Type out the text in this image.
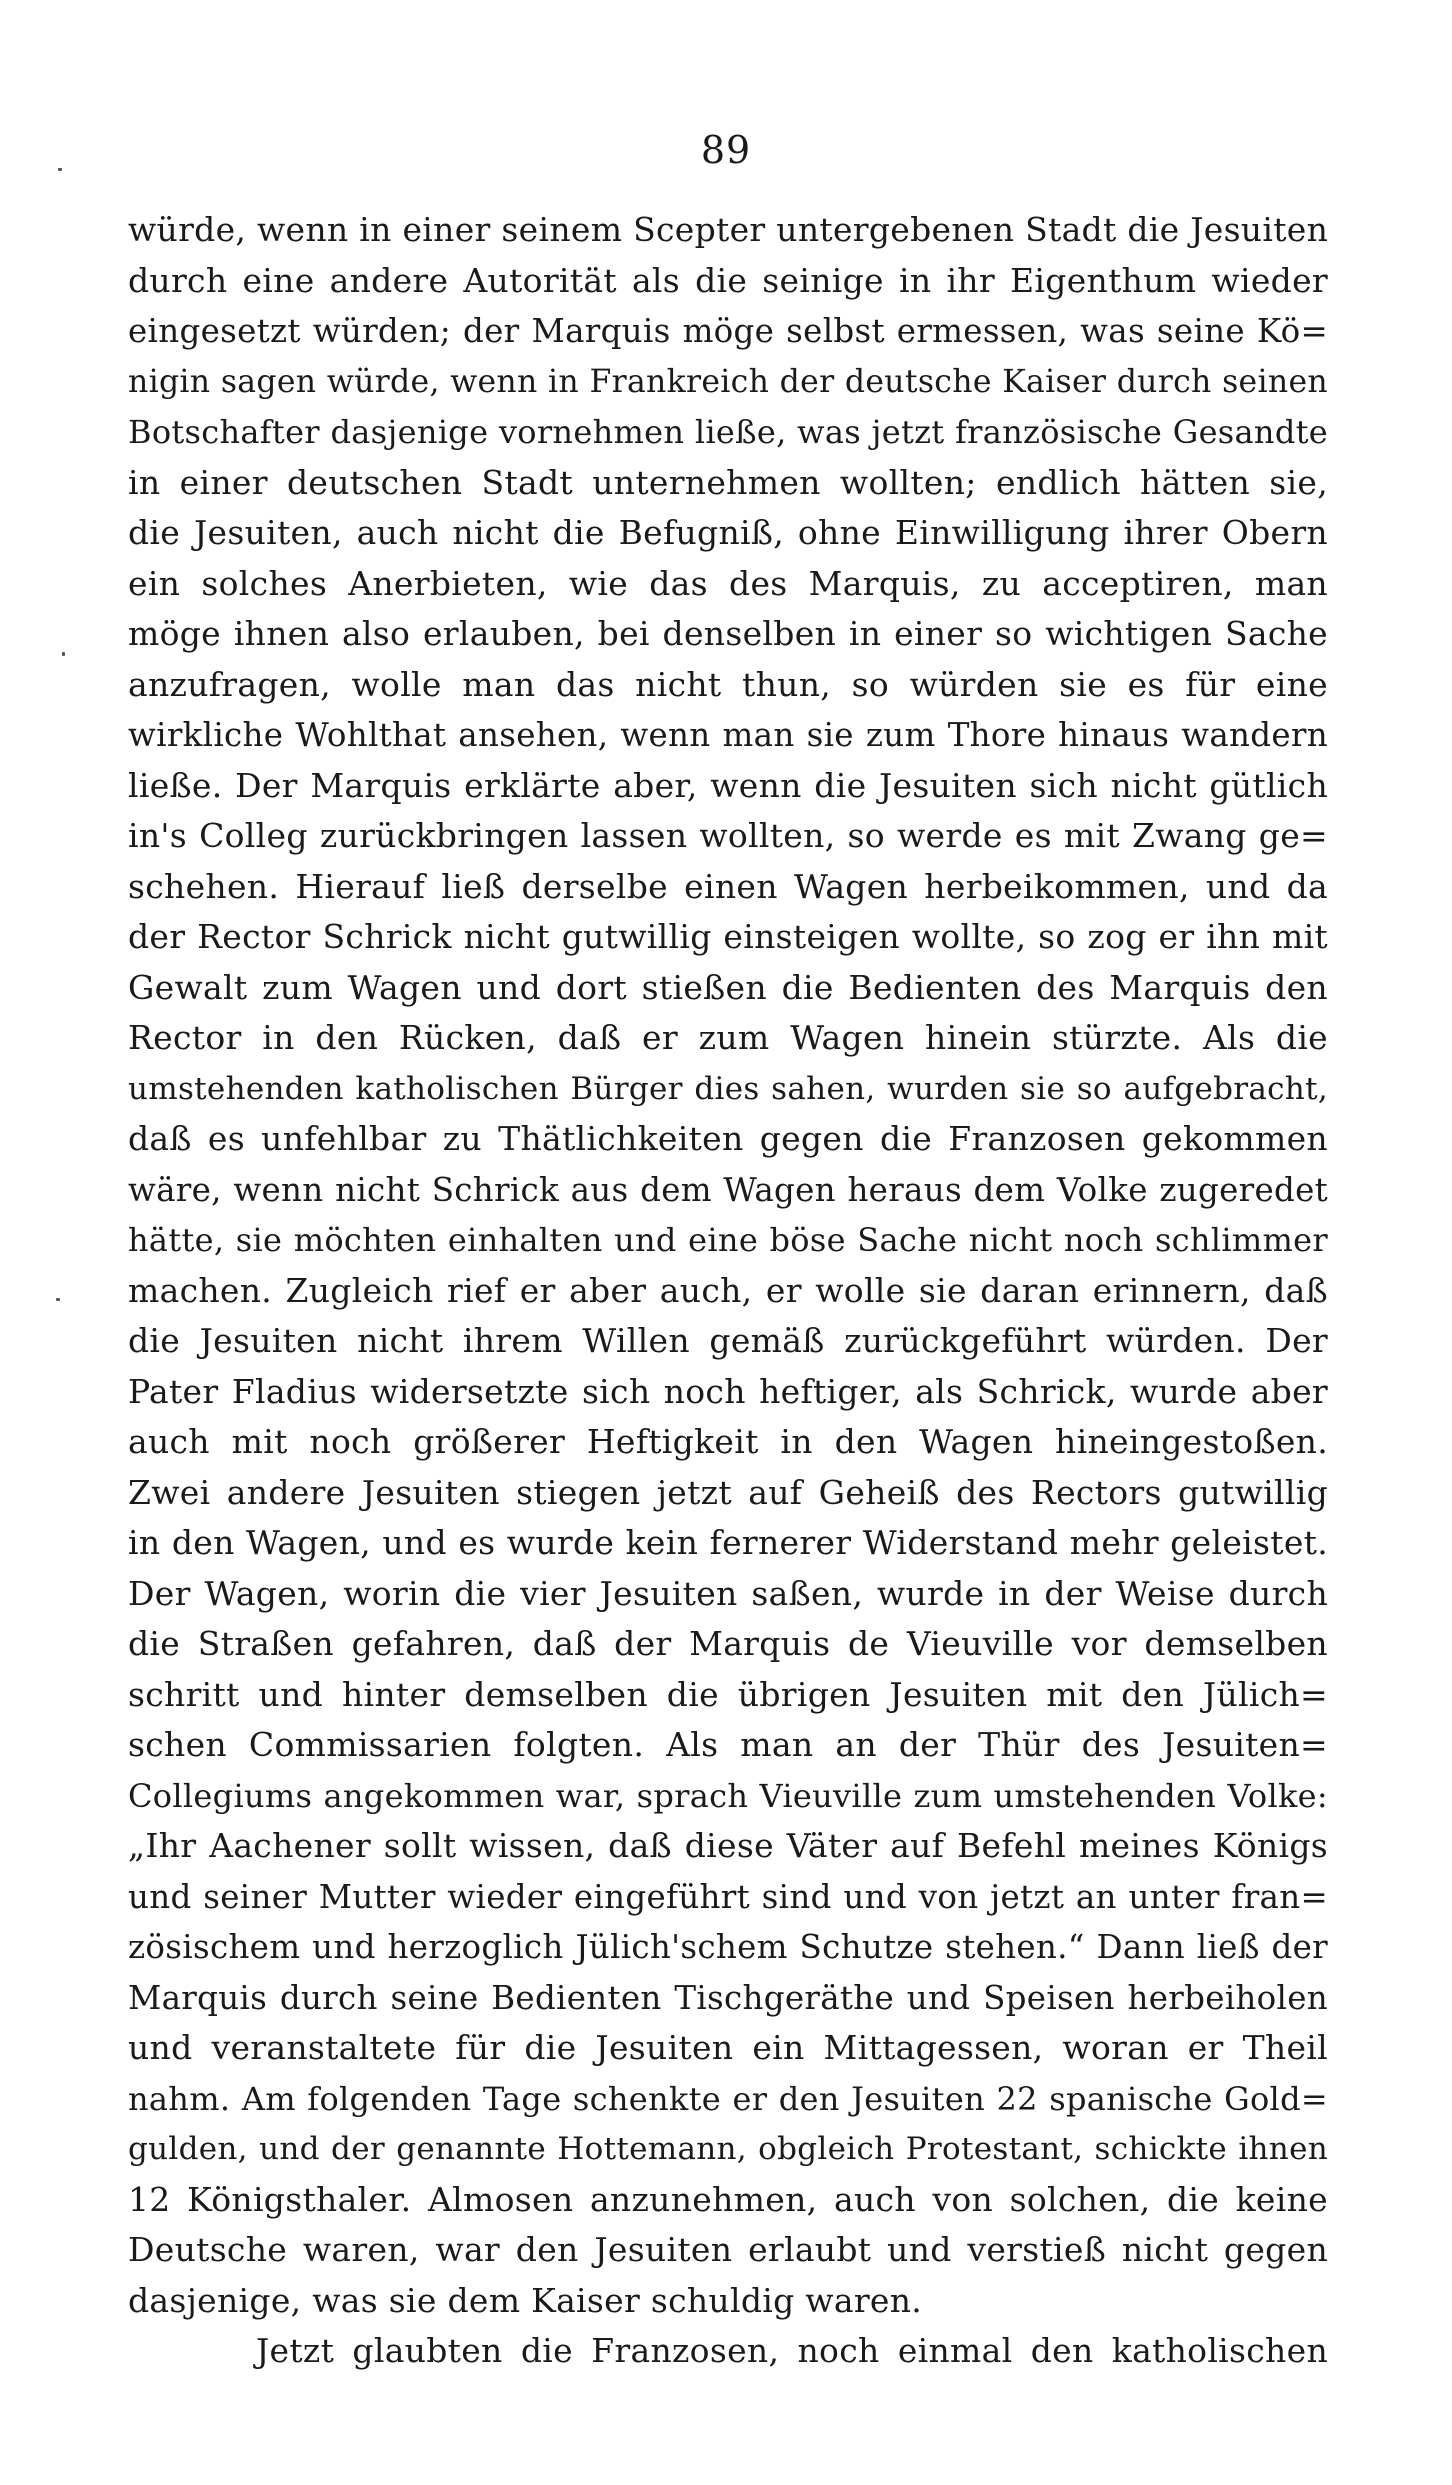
89
würde, wenn in einer seinem Scepter untergebenen Stadt die Jesuiten
durch eine andere Autorität als die seinige in ihr Eigenthum wieder
eingesetzt würden; der Marquis möge selbst ermessen, was seine Kö=
nigin sagen würde, wenn in Frankreich der deutsche Kaiser durch seinen
Botschafter dasjenige vornehmen ließe, was jetzt französische Gesandte
in einer deutschen Stadt unternehmen wollten; endlich hätten sie,
die Jesuiten, auch nicht die Befugniß, ohne Einwilligung ihrer Obern
ein solches Anerbieten, wie das des Marquis, zu acceptiren, man
möge ihnen also erlauben, bei denselben in einer so wichtigen Sache
anzufragen, wolle man das nicht thun, so würden sie es für eine
wirkliche Wohlthat ansehen, wenn man sie zum Thore hinaus wandern
ließe. Der Marquis erklärte aber, wenn die Jesuiten sich nicht gütlich
in's Colleg zurückbringen lassen wollten, so werde es mit Zwang ge=
schehen. Hierauf ließ derselbe einen Wagen herbeikommen, und da
der Rector Schrick nicht gutwillig einsteigen wollte, so zog er ihn mit
Gewalt zum Wagen und dort stießen die Bedienten des Marquis den
Rector in den Rücken, daß er zum Wagen hinein stürzte. Als die
umstehenden katholischen Bürger dies sahen, wurden sie so aufgebracht,
daß es unfehlbar zu Thätlichkeiten gegen die Franzosen gekommen
wäre, wenn nicht Schrick aus dem Wagen heraus dem Volke zugeredet
hätte, sie möchten einhalten und eine böse Sache nicht noch schlimmer
machen. Zugleich rief er aber auch, er wolle sie daran erinnern, daß
die Jesuiten nicht ihrem Willen gemäß zurückgeführt würden. Der
Pater Fladius widersetzte sich noch heftiger, als Schrick, wurde aber
auch mit noch größerer Heftigkeit in den Wagen hineingestoßen.
Zwei andere Jesuiten stiegen jetzt auf Geheiß des Rectors gutwillig
in den Wagen, und es wurde kein fernerer Widerstand mehr geleistet.
Der Wagen, worin die vier Jesuiten saßen, wurde in der Weise durch
die Straßen gefahren, daß der Marquis de Vieuville vor demselben
schritt und hinter demselben die übrigen Jesuiten mit den Jülich=
schen Commissarien folgten. Als man an der Thür des Jesuiten=
Collegiums angekommen war, sprach Vieuville zum umstehenden Volke:
„Ihr Aachener sollt wissen, daß diese Väter auf Befehl meines Königs
und seiner Mutter wieder eingeführt sind und von jetzt an unter fran=
zösischem und herzoglich Jülich'schem Schutze stehen.“ Dann ließ der
Marquis durch seine Bedienten Tischgeräthe und Speisen herbeiholen
und veranstaltete für die Jesuiten ein Mittagessen, woran er Theil
nahm. Am folgenden Tage schenkte er den Jesuiten 22 spanische Gold=
gulden, und der genannte Hottemann, obgleich Protestant, schickte ihnen
12 Königsthaler. Almosen anzunehmen, auch von solchen, die keine
Deutsche waren, war den Jesuiten erlaubt und verstieß nicht gegen
dasjenige, was sie dem Kaiser schuldig waren.
Jetzt glaubten die Franzosen, noch einmal den katholischen
